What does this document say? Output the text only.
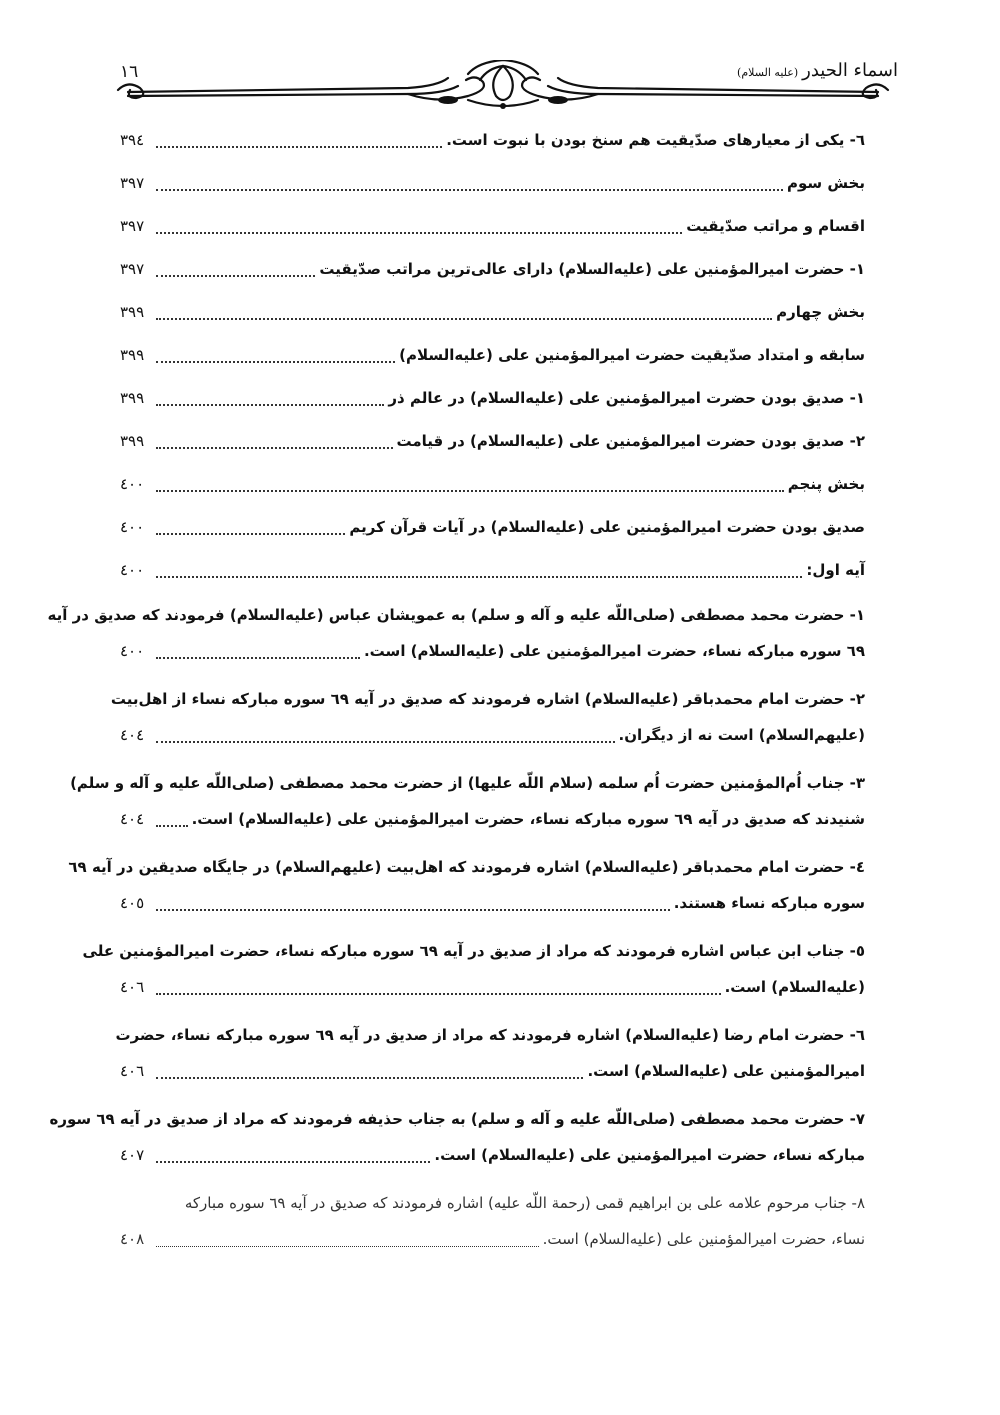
١٦	اسماء الحیدر(علیه السلام)
٦- یکی از معیارهای صدّیقیت هم سنخ بودن با نبوت است.
٣٩٤
بخش سوم
٣٩٧
اقسام و مراتب صدّیقیت
٣٩٧
١- حضرت امیرالمؤمنین علی (علیه‌السلام) دارای عالی‌ترین مراتب صدّیقیت
٣٩٧
بخش چهارم
٣٩٩
سابقه و امتداد صدّیقیت حضرت امیرالمؤمنین علی (علیه‌السلام)
٣٩٩
١- صدیق بودن حضرت امیرالمؤمنین علی (علیه‌السلام) در عالم ذر
٣٩٩
٢- صدیق بودن حضرت امیرالمؤمنین علی (علیه‌السلام) در قیامت
٣٩٩
بخش پنجم
٤٠٠
صدیق بودن حضرت امیرالمؤمنین علی (علیه‌السلام) در آیات قرآن کریم
٤٠٠
آیه اول:
٤٠٠
١- حضرت محمد مصطفی (صلی‌اللّه علیه و آله و سلم) به عمویشان عباس (علیه‌السلام) فرمودند که صدیق در آیه
٦٩ سوره مبارکه نساء، حضرت امیرالمؤمنین علی (علیه‌السلام) است.
٤٠٠
٢- حضرت امام محمدباقر (علیه‌السلام) اشاره فرمودند که صدیق در آیه ٦٩ سوره مبارکه نساء از اهل‌بیت
(علیهم‌السلام) است نه از دیگران.
٤٠٤
٣- جناب اُم‌المؤمنین حضرت اُم سلمه (سلام اللّه علیها) از حضرت محمد مصطفی (صلی‌اللّه علیه و آله و سلم)
شنیدند که صدیق در آیه ٦٩ سوره مبارکه نساء، حضرت امیرالمؤمنین علی (علیه‌السلام) است.
٤٠٤
٤- حضرت امام محمدباقر (علیه‌السلام) اشاره فرمودند که اهل‌بیت (علیهم‌السلام) در جایگاه صدیقین در آیه ٦٩
سوره مبارکه نساء هستند.
٤٠٥
٥- جناب ابن عباس اشاره فرمودند که مراد از صدیق در آیه ٦٩ سوره مبارکه نساء، حضرت امیرالمؤمنین علی
(علیه‌السلام) است.
٤٠٦
٦- حضرت امام رضا (علیه‌السلام) اشاره فرمودند که مراد از صدیق در آیه ٦٩ سوره مبارکه نساء، حضرت
امیرالمؤمنین علی (علیه‌السلام) است.
٤٠٦
٧- حضرت محمد مصطفی (صلی‌اللّه علیه و آله و سلم) به جناب حذیفه فرمودند که مراد از صدیق در آیه ٦٩ سوره
مبارکه نساء، حضرت امیرالمؤمنین علی (علیه‌السلام) است.
٤٠٧
٨- جناب مرحوم علامه علی بن ابراهیم قمی (رحمة اللّه علیه) اشاره فرمودند که صدیق در آیه ٦٩ سوره مبارکه
نساء، حضرت امیرالمؤمنین علی (علیه‌السلام) است.
٤٠٨
